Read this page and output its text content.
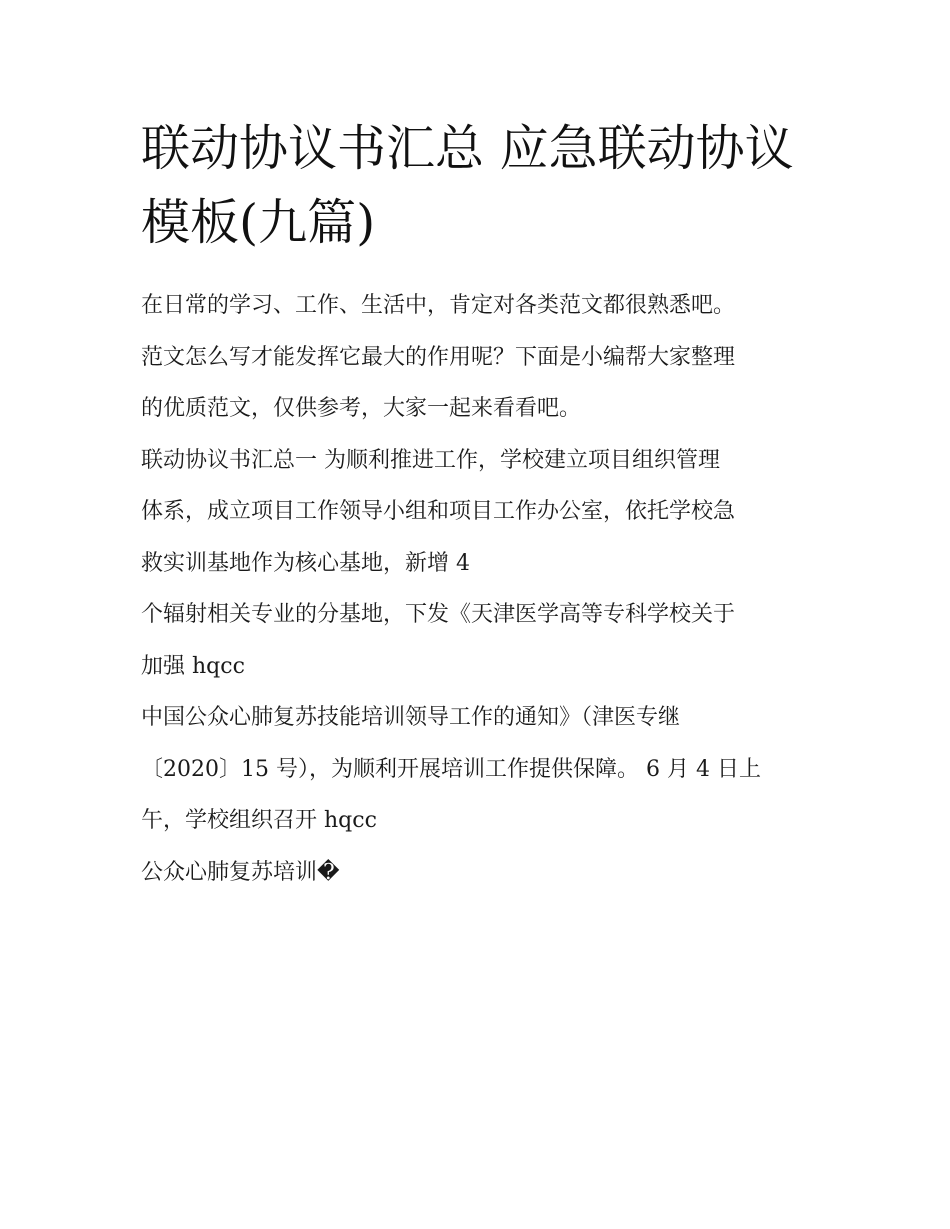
联动协议书汇总 应急联动协议
模板(九篇)
在日常的学习、工作、生活中，肯定对各类范文都很熟悉吧。
范文怎么写才能发挥它最大的作用呢？下面是小编帮大家整理
的优质范文，仅供参考，大家一起来看看吧。
联动协议书汇总一 为顺利推进工作，学校建立项目组织管理
体系，成立项目工作领导小组和项目工作办公室，依托学校急
救实训基地作为核心基地，新增 4
个辐射相关专业的分基地，下发《天津医学高等专科学校关于
加强 hqcc
中国公众心肺复苏技能培训领导工作的通知》（津医专继
〔2020〕15 号），为顺利开展培训工作提供保障。 6 月 4 日上
午，学校组织召开 hqcc
公众心肺复苏培训�
